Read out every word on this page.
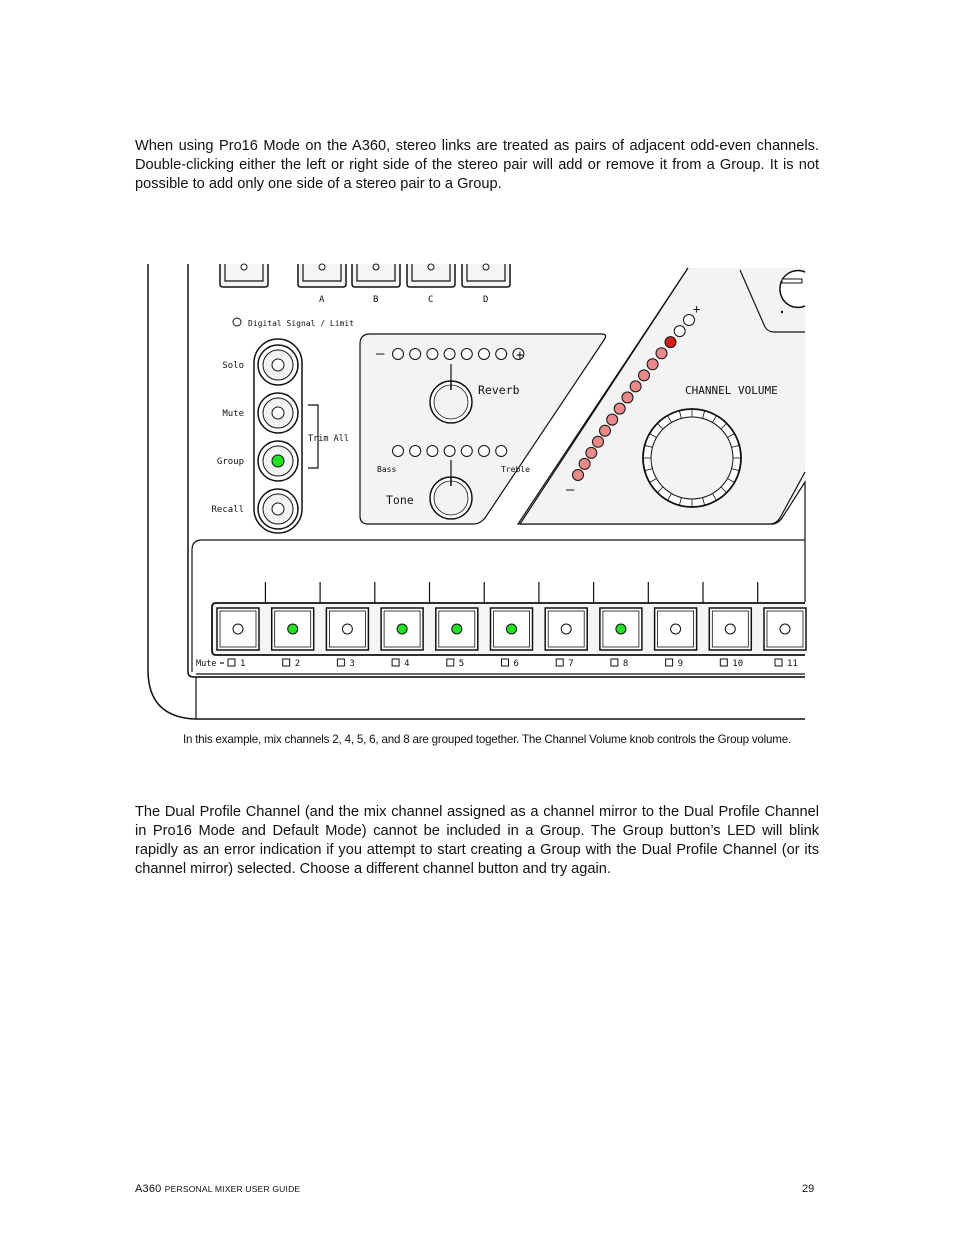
When using Pro16 Mode on the A360, stereo links are treated as pairs of adjacent odd-even channels. Double-clicking either the left or right side of the stereo pair will add or remove it from a Group. It is not possible to add only one side of a stereo pair to a Group.

A	B	C	D
Digital Signal / Limit
Solo
Mute
Group
Recall
Trim All
–	+
Reverb
Bass	Treble
Tone
+
–
CHANNEL VOLUME
Mute	1	2	3	4	5	6	7	8	9	10	11
In this example, mix channels 2, 4, 5, 6, and 8 are grouped together. The Channel Volume knob controls the Group volume.

The Dual Profile Channel (and the mix channel assigned as a channel mirror to the Dual Profile Channel in Pro16 Mode and Default Mode) cannot be included in a Group. The Group button’s LED will blink rapidly as an error indication if you attempt to start creating a Group with the Dual Profile Channel (or its channel mirror) selected. Choose a different channel button and try again.

A360 PERSONAL MIXER USER GUIDE	29
